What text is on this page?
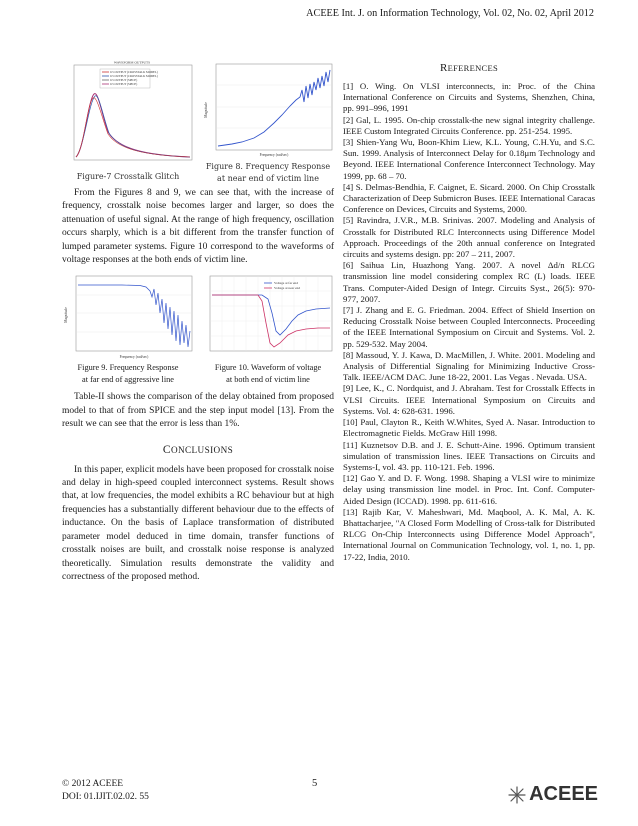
ACEEE Int. J. on Information Technology, Vol. 02, No. 02, April 2012
WAVEFORM OUTPUTS
0.5 OUTPUT (CROSSTALK MODEL)
0.5 OUTPUT (CROSSTALK MODEL)
0.5 OUTPUT (SPICE)
0.5 OUTPUT (SPICE)
Figure-7 Crosstalk Glitch
Magnitude
Frequency (rad/sec)
Figure 8. Frequency Response
at near end of victim line

From the Figures 8 and 9, we can see that, with the increase of frequency, crosstalk noise becomes larger and larger, so does the attenuation of useful signal. At the range of high frequency, oscillation occurs sharply, which is a bit different from the transfer function of lumped parameter systems. Figure 10 correspond to the waveforms of voltage responses at the both ends of victim line.

Magnitude
Frequency (rad/sec)
Figure 9. Frequency Response
at far end of aggressive line
Voltage at far end
Voltage at near end
Figure 10. Waveform of voltage
at both end of victim line

Table-II shows the comparison of the delay obtained from proposed model to that of from SPICE and the step input model [13]. From the result we can see that the error is less than 1%.

CONCLUSIONS

In this paper, explicit models have been proposed for crosstalk noise and delay in high-speed coupled interconnect systems. Result shows that, at low frequencies, the model exhibits a RC behaviour but at high frequencies has a substantially different behaviour due to the effects of inductance. On the basis of Laplace transformation of distributed parameter model deduced in time domain, transfer functions of crosstalk noises are built, and crosstalk noise response is analyzed theoretically. Simulation results demonstrate the validity and correctness of the proposed method.

REFERENCES

[1] O. Wing. On VLSI interconnects, in: Proc. of the China International Conference on Circuits and Systems, Shenzhen, China, pp. 991–996, 1991

[2] Gal, L. 1995. On-chip crosstalk-the new signal integrity challenge. IEEE Custom Integrated Circuits Conference. pp. 251-254. 1995.

[3] Shien-Yang Wu, Boon-Khim Liew, K.L. Young, C.H.Yu, and S.C. Sun. 1999. Analysis of Interconnect Delay for 0.18μm Technology and Beyond. IEEE International Conference Interconnect Technology. May 1999, pp. 68 – 70.

[4] S. Delmas-Bendhia, F. Caignet, E. Sicard. 2000. On Chip Crosstalk Characterization of Deep Submicron Buses. IEEE International Caracas Conference on Devices, Circuits and Systems, 2000.

[5] Ravindra, J.V.R., M.B. Srinivas. 2007. Modeling and Analysis of Crosstalk for Distributed RLC Interconnects using Difference Model Approach. Proceedings of the 20th annual conference on Integrated circuits and systems design. pp: 207 – 211, 2007.

[6] Saihua Lin, Huazhong Yang. 2007. A novel Δd/n RLCG transmission line model considering complex RC (L) loads. IEEE Trans. Computer-Aided Design of Integr. Circuits Syst., 26(5): 970-977, 2007.

[7] J. Zhang and E. G. Friedman. 2004. Effect of Shield Insertion on Reducing Crosstalk Noise between Coupled Interconnects. Proceeding of the IEEE International Symposium on Circuit and Systems. Vol. 2. pp. 529-532. May 2004.

[8] Massoud, Y. J. Kawa, D. MacMillen, J. White. 2001. Modeling and Analysis of Differential Signaling for Minimizing Inductive Cross-Talk. IEEE/ACM DAC. June 18-22, 2001. Las Vegas . Nevada. USA.

[9] Lee, K., C. Nordquist, and J. Abraham. Test for Crosstalk Effects in VLSI Circuits. IEEE International Symposium on Circuits and Systems. Vol. 4: 628-631. 1996.

[10] Paul, Clayton R., Keith W.Whites, Syed A. Nasar. Introduction to Electromagnetic Fields. McGraw Hill 1998.

[11] Kuznetsov D.B. and J. E. Schutt-Aine. 1996. Optimum transient simulation of transmission lines. IEEE Transactions on Circuits and Systems-I, vol. 43. pp. 110-121. Feb. 1996.

[12] Gao Y. and D. F. Wong. 1998. Shaping a VLSI wire to minimize delay using transmission line model. in Proc. Int. Conf. Computer-Aided Design (ICCAD). 1998. pp. 611-616.

[13] Rajib Kar, V. Maheshwari, Md. Maqbool, A. K. Mal, A. K. Bhattacharjee, "A Closed Form Modelling of Cross-talk for Distributed RLCG On-Chip Interconnects using Difference Model Approach", International Journal on Communication Technology, vol. 1, no. 1, pp. 17-22, India, 2010.

© 2012 ACEEE
DOI: 01.IJIT.02.02. 55
5	ACEEE
